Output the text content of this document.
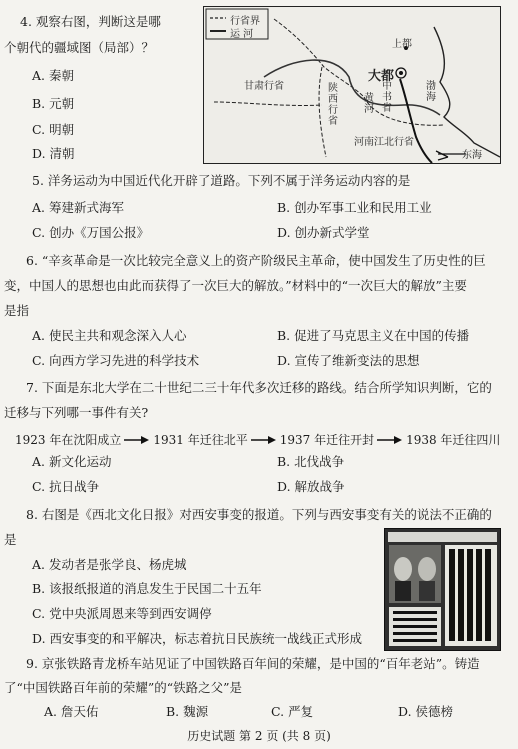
4. 观察右图，判断这是哪
个朝代的疆域图（局部）？
A. 秦朝
B. 元朝
C. 明朝
D. 清朝
行省界
运 河
上都
大都
甘肃行省	陕西行省
中书省
黄河
渤海
河南江北行省
东海
5. 洋务运动为中国近代化开辟了道路。下列不属于洋务运动内容的是
A. 筹建新式海军	B. 创办军事工业和民用工业
C. 创办《万国公报》	D. 创办新式学堂
6. “辛亥革命是一次比较完全意义上的资产阶级民主革命，使中国发生了历史性的巨
变，中国人的思想也由此而获得了一次巨大的解放。”材料中的“一次巨大的解放”主要
是指
A. 使民主共和观念深入人心	B. 促进了马克思主义在中国的传播
C. 向西方学习先进的科学技术	D. 宣传了维新变法的思想
7. 下面是东北大学在二十世纪二三十年代多次迁移的路线。结合所学知识判断，它的
迁移与下列哪一事件有关?
1923 年在沈阳成立	1931 年迁往北平	1937 年迁往开封	1938 年迁往四川
A. 新文化运动	B. 北伐战争
C. 抗日战争	D. 解放战争
8. 右图是《西北文化日报》对西安事变的报道。下列与西安事变有关的说法不正确的
是
A. 发动者是张学良、杨虎城
B. 该报纸报道的消息发生于民国二十五年
C. 党中央派周恩来等到西安调停
D. 西安事变的和平解决，标志着抗日民族统一战线正式形成
9. 京张铁路青龙桥车站见证了中国铁路百年间的荣耀，是中国的“百年老站”。铸造
了“中国铁路百年前的荣耀”的“铁路之父”是
A. 詹天佑	B. 魏源	C. 严复	D. 侯德榜
历史试题 第 2 页 (共 8 页)
